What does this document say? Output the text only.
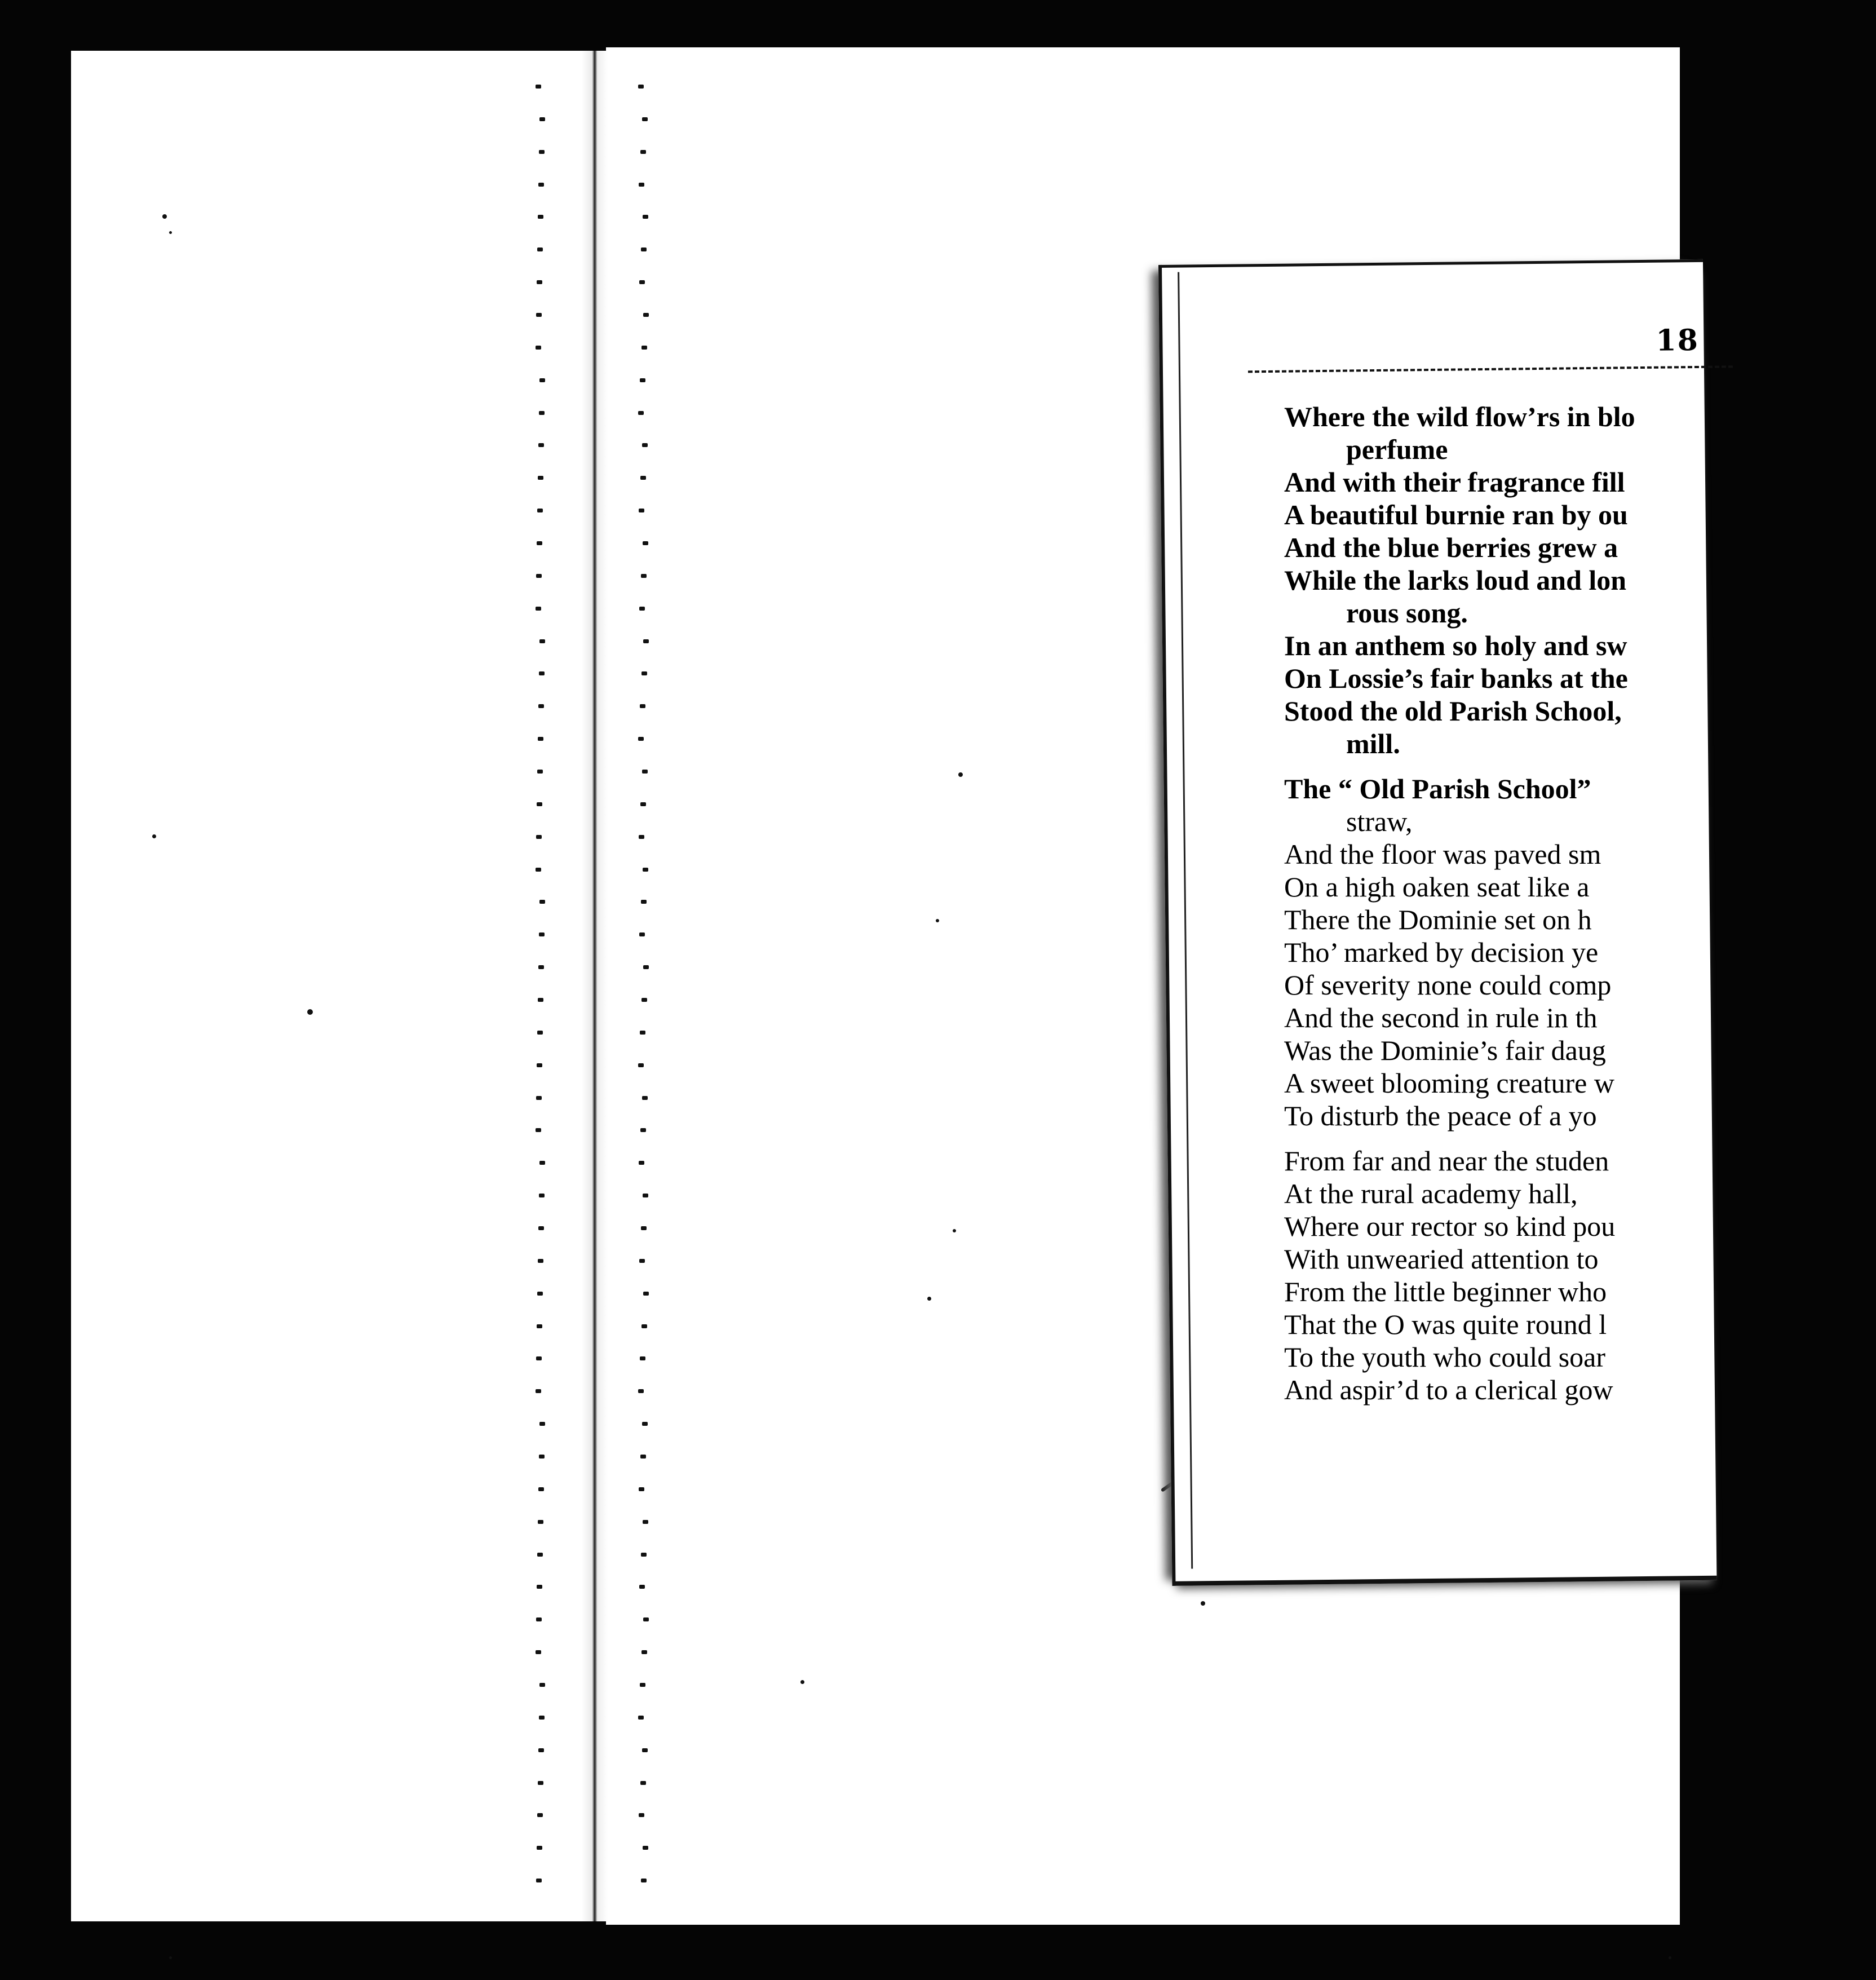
18
Where the wild flow’rs in blo
perfume
And with their fragrance fill
A beautiful burnie ran by ou
And the blue berries grew a
While the larks loud and lon
rous song.
In an anthem so holy and sw
On Lossie’s fair banks at the
Stood the old Parish School,
mill.
The “ Old Parish School”
straw,
And the floor was paved sm
On a high oaken seat like a
There the Dominie set on h
Tho’ marked by decision ye
Of severity none could comp
And the second in rule in th
Was the Dominie’s fair daug
A sweet blooming creature w
To disturb the peace of a yo
From far and near the studen
At the rural academy hall,
Where our rector so kind pou
With unwearied attention to
From the little beginner who
That the O was quite round l
To the youth who could soar
And aspir’d to a clerical gow
